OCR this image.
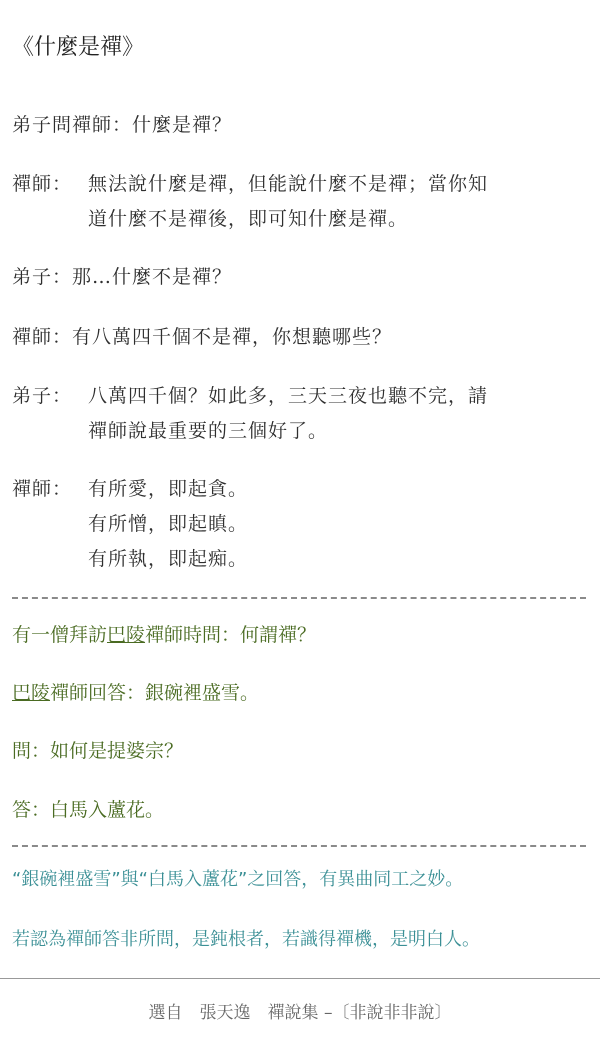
《什麼是禪》
弟子問禪師： 什麼是禪？
禪師： 無法說什麼是禪，但能說什麼不是禪；當你知
道什麼不是禪後，即可知什麼是禪。
弟子： 那…什麼不是禪？
禪師： 有八萬四千個不是禪，你想聽哪些？
弟子： 八萬四千個？如此多，三天三夜也聽不完，請
禪師說最重要的三個好了。
禪師： 有所愛，即起貪。
有所憎，即起瞋。
有所執，即起痴。
有一僧拜訪巴陵禪師時問：何謂禪？
巴陵禪師回答：銀碗裡盛雪。
問：如何是提婆宗？
答：白馬入蘆花。
“銀碗裡盛雪”與“白馬入蘆花”之回答，有異曲同工之妙。
若認為禪師答非所問，是鈍根者，若識得禪機，是明白人。
選自　張天逸　禪說集 –〔非說非非說〕
